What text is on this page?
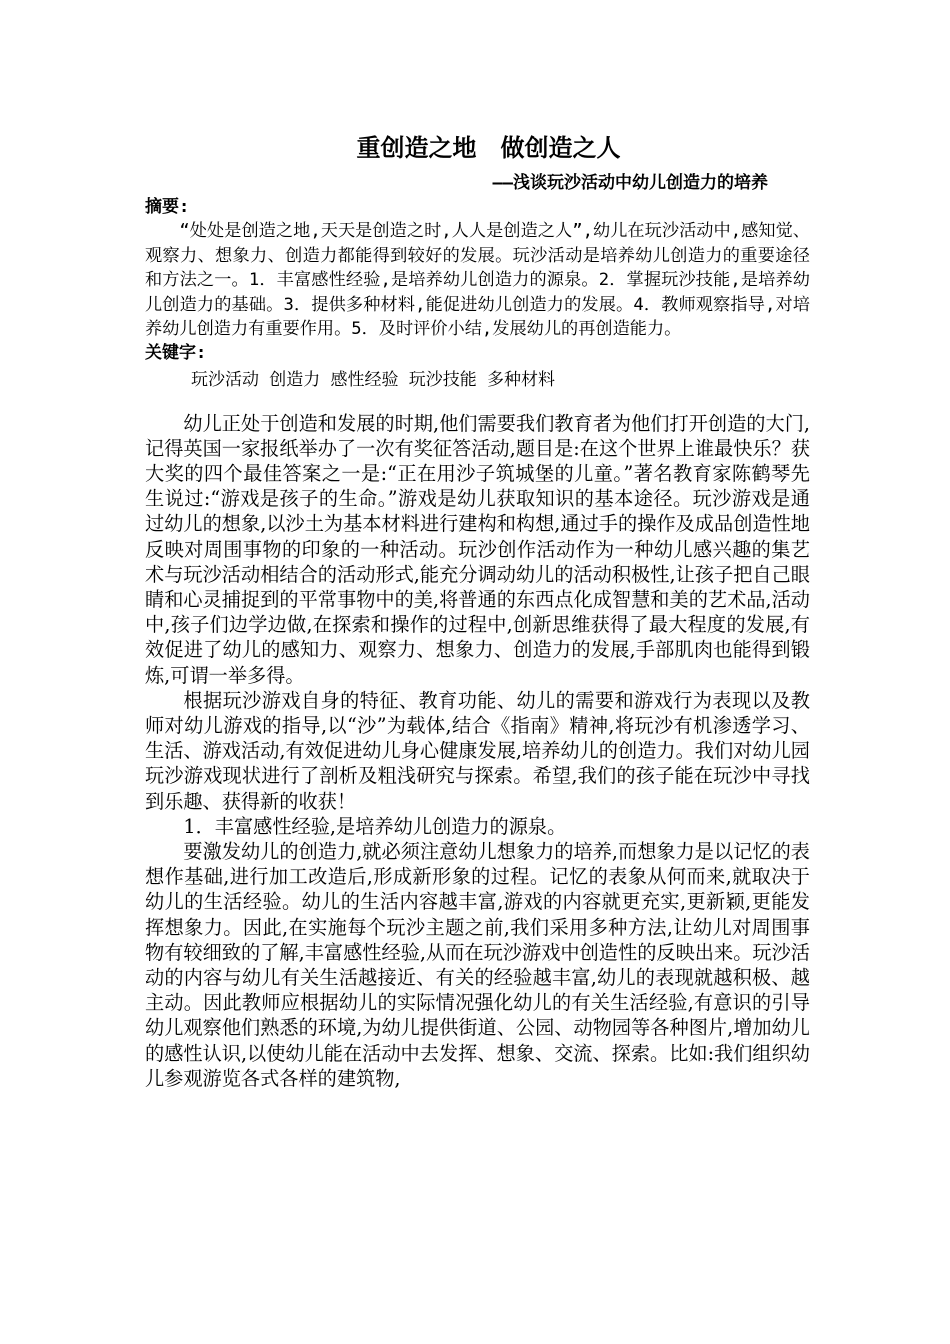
重创造之地　做创造之人
——浅谈玩沙活动中幼儿创造力的培养
摘要:

“处处是创造之地,天天是创造之时,人人是创造之人”,幼儿在玩沙活动中,感知觉、观察力、想象力、创造力都能得到较好的发展。玩沙活动是培养幼儿创造力的重要途径和方法之一。1．丰富感性经验,是培养幼儿创造力的源泉。2．掌握玩沙技能,是培养幼儿创造力的基础。3．提供多种材料,能促进幼儿创造力的发展。4．教师观察指导,对培养幼儿创造力有重要作用。5．及时评价小结,发展幼儿的再创造能力。

关键字:
玩沙活动 创造力 感性经验 玩沙技能 多种材料

幼儿正处于创造和发展的时期,他们需要我们教育者为他们打开创造的大门,记得英国一家报纸举办了一次有奖征答活动,题目是:在这个世界上谁最快乐？获大奖的四个最佳答案之一是:“正在用沙子筑城堡的儿童。”著名教育家陈鹤琴先生说过:“游戏是孩子的生命。”游戏是幼儿获取知识的基本途径。玩沙游戏是通过幼儿的想象,以沙土为基本材料进行建构和构想,通过手的操作及成品创造性地反映对周围事物的印象的一种活动。玩沙创作活动作为一种幼儿感兴趣的集艺术与玩沙活动相结合的活动形式,能充分调动幼儿的活动积极性,让孩子把自己眼睛和心灵捕捉到的平常事物中的美,将普通的东西点化成智慧和美的艺术品,活动中,孩子们边学边做,在探索和操作的过程中,创新思维获得了最大程度的发展,有效促进了幼儿的感知力、观察力、想象力、创造力的发展,手部肌肉也能得到锻炼,可谓一举多得。

根据玩沙游戏自身的特征、教育功能、幼儿的需要和游戏行为表现以及教师对幼儿游戏的指导,以“沙”为载体,结合《指南》精神,将玩沙有机渗透学习、生活、游戏活动,有效促进幼儿身心健康发展,培养幼儿的创造力。我们对幼儿园玩沙游戏现状进行了剖析及粗浅研究与探索。希望,我们的孩子能在玩沙中寻找到乐趣、获得新的收获！

1．丰富感性经验,是培养幼儿创造力的源泉。

要激发幼儿的创造力,就必须注意幼儿想象力的培养,而想象力是以记忆的表想作基础,进行加工改造后,形成新形象的过程。记忆的表象从何而来,就取决于幼儿的生活经验。幼儿的生活内容越丰富,游戏的内容就更充实,更新颖,更能发挥想象力。因此,在实施每个玩沙主题之前,我们采用多种方法,让幼儿对周围事物有较细致的了解,丰富感性经验,从而在玩沙游戏中创造性的反映出来。玩沙活动的内容与幼儿有关生活越接近、有关的经验越丰富,幼儿的表现就越积极、越主动。因此教师应根据幼儿的实际情况强化幼儿的有关生活经验,有意识的引导幼儿观察他们熟悉的环境,为幼儿提供街道、公园、动物园等各种图片,增加幼儿的感性认识,以使幼儿能在活动中去发挥、想象、交流、探索。比如:我们组织幼儿参观游览各式各样的建筑物,
